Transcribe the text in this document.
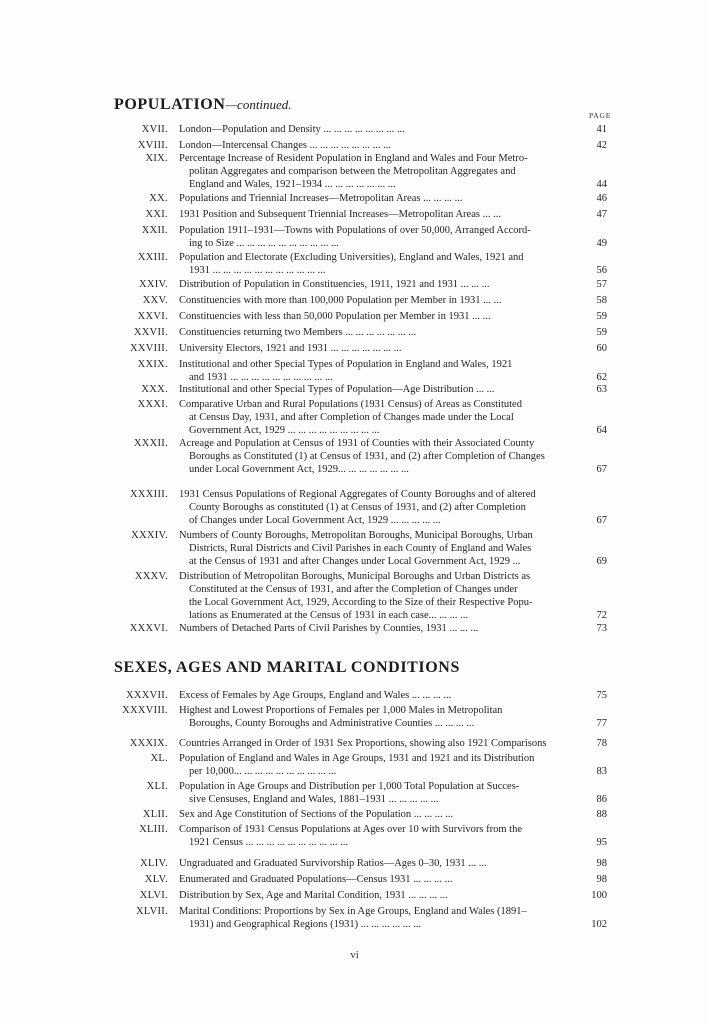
POPULATION—continued.
PAGE
XVII. London—Population and Density ... ... ... ... ... ... ... ...	41
XVIII. London—Intercensal Changes ... ... ... ... ... ... ... ...	42
XIX. Percentage Increase of Resident Population in England and Wales and Four Metro-
politan Aggregates and comparison between the Metropolitan Aggregates and
England and Wales, 1921–1934 ... ... ... ... ... ... ...	44
XX. Populations and Triennial Increases—Metropolitan Areas ... ... ... ...	46
XXI. 1931 Position and Subsequent Triennial Increases—Metropolitan Areas ... ...	47
XXII. Population 1911–1931—Towns with Populations of over 50,000, Arranged Accord-
ing to Size ... ... ... ... ... ... ... ... ... ...	49
XXIII. Population and Electorate (Excluding Universities), England and Wales, 1921 and
1931 ... ... ... ... ... ... ... ... ... ... ...	56
XXIV. Distribution of Population in Constituencies, 1911, 1921 and 1931 ... ... ...	57
XXV. Constituencies with more than 100,000 Population per Member in 1931 ... ...	58
XXVI. Constituencies with less than 50,000 Population per Member in 1931 ... ...	59
XXVII. Constituencies returning two Members ... ... ... ... ... ... ...	59
XXVIII. University Electors, 1921 and 1931 ... ... ... ... ... ... ...	60
XXIX. Institutional and other Special Types of Population in England and Wales, 1921
and 1931 ... ... ... ... ... ... ... ... ... ...	62
XXX. Institutional and other Special Types of Population—Age Distribution ... ...	63
XXXI. Comparative Urban and Rural Populations (1931 Census) of Areas as Constituted
at Census Day, 1931, and after Completion of Changes made under the Local
Government Act, 1929 ... ... ... ... ... ... ... ... ...	64
XXXII. Acreage and Population at Census of 1931 of Counties with their Associated County
Boroughs as Constituted (1) at Census of 1931, and (2) after Completion of Changes
under Local Government Act, 1929... ... ... ... ... ... ...	67
XXXIII. 1931 Census Populations of Regional Aggregates of County Boroughs and of altered
County Boroughs as constituted (1) at Census of 1931, and (2) after Completion
of Changes under Local Government Act, 1929 ... ... ... ... ...	67
XXXIV. Numbers of County Boroughs, Metropolitan Boroughs, Municipal Boroughs, Urban
Districts, Rural Districts and Civil Parishes in each County of England and Wales
at the Census of 1931 and after Changes under Local Government Act, 1929 ...	69
XXXV. Distribution of Metropolitan Boroughs, Municipal Boroughs and Urban Districts as
Constituted at the Census of 1931, and after the Completion of Changes under
the Local Government Act, 1929, According to the Size of their Respective Popu-
lations as Enumerated at the Census of 1931 in each case... ... ... ...	72
XXXVI. Numbers of Detached Parts of Civil Parishes by Counties, 1931 ... ... ...	73
SEXES, AGES AND MARITAL CONDITIONS
XXXVII. Excess of Females by Age Groups, England and Wales ... ... ... ...	75
XXXVIII. Highest and Lowest Proportions of Females per 1,000 Males in Metropolitan
Boroughs, County Boroughs and Administrative Counties ... ... ... ...	77
XXXIX. Countries Arranged in Order of 1931 Sex Proportions, showing also 1921 Comparisons	78
XL. Population of England and Wales in Age Groups, 1931 and 1921 and its Distribution
per 10,000... ... ... ... ... ... ... ... ... ...	83
XLI. Population in Age Groups and Distribution per 1,000 Total Population at Succes-
sive Censuses, England and Wales, 1881–1931 ... ... ... ... ...	86
XLII. Sex and Age Constitution of Sections of the Population ... ... ... ...	88
XLIII. Comparison of 1931 Census Populations at Ages over 10 with Survivors from the
1921 Census ... ... ... ... ... ... ... ... ... ...	95
XLIV. Ungraduated and Graduated Survivorship Ratios—Ages 0–30, 1931 ... ...	98
XLV. Enumerated and Graduated Populations—Census 1931 ... ... ... ...	98
XLVI. Distribution by Sex, Age and Marital Condition, 1931 ... ... ... ...	100
XLVII. Marital Conditions: Proportions by Sex in Age Groups, England and Wales (1891–
1931) and Geographical Regions (1931) ... ... ... ... ... ...	102
vi
